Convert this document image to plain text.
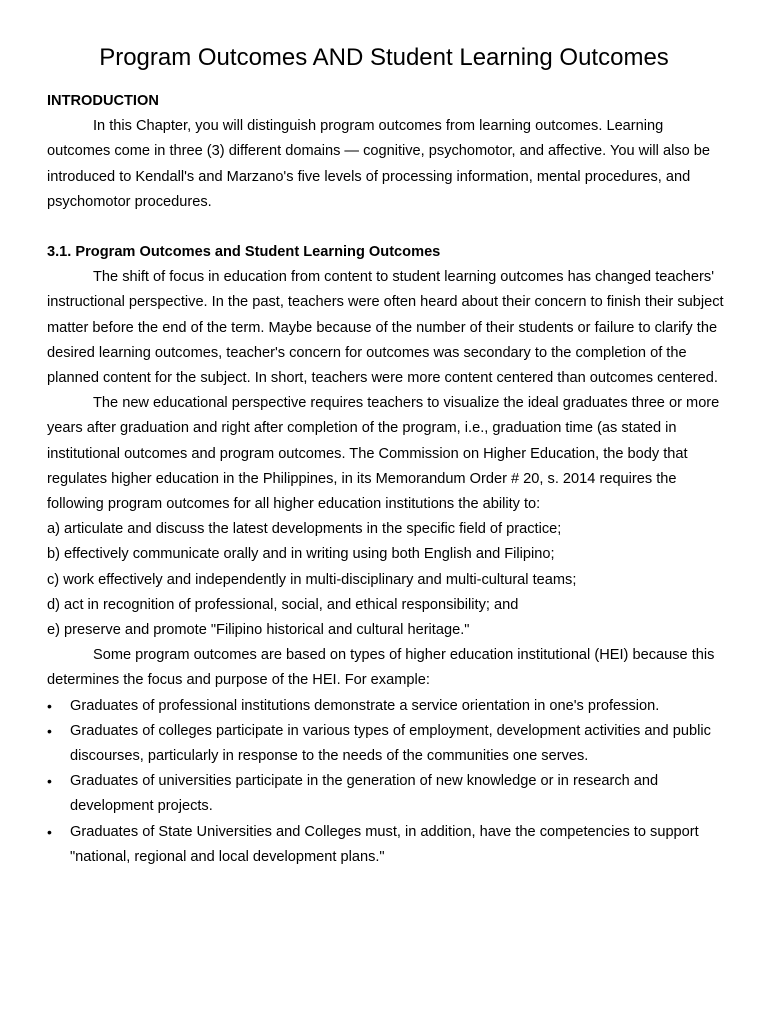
Program Outcomes AND Student Learning Outcomes

INTRODUCTION

In this Chapter, you will distinguish program outcomes from learning outcomes. Learning outcomes come in three (3) different domains — cognitive, psychomotor, and affective. You will also be introduced to Kendall's and Marzano's five levels of processing information, mental procedures, and psychomotor procedures.

3.1. Program Outcomes and Student Learning Outcomes

The shift of focus in education from content to student learning outcomes has changed teachers' instructional perspective. In the past, teachers were often heard about their concern to finish their subject matter before the end of the term. Maybe because of the number of their students or failure to clarify the desired learning outcomes, teacher's concern for outcomes was secondary to the completion of the planned content for the subject. In short, teachers were more content centered than outcomes centered.

The new educational perspective requires teachers to visualize the ideal graduates three or more years after graduation and right after completion of the program, i.e., graduation time (as stated in institutional outcomes and program outcomes. The Commission on Higher Education, the body that regulates higher education in the Philippines, in its Memorandum Order # 20, s. 2014 requires the following program outcomes for all higher education institutions the ability to:

a) articulate and discuss the latest developments in the specific field of practice;

b) effectively communicate orally and in writing using both English and Filipino;

c) work effectively and independently in multi-disciplinary and multi-cultural teams;

d) act in recognition of professional, social, and ethical responsibility; and

e) preserve and promote "Filipino historical and cultural heritage."

Some program outcomes are based on types of higher education institutional (HEI) because this determines the focus and purpose of the HEI. For example:

•	Graduates of professional institutions demonstrate a service orientation in one's profession.
•	Graduates of colleges participate in various types of employment, development activities and public discourses, particularly in response to the needs of the communities one serves.
•	Graduates of universities participate in the generation of new knowledge or in research and development projects.
•	Graduates of State Universities and Colleges must, in addition, have the competencies to support "national, regional and local development plans."
